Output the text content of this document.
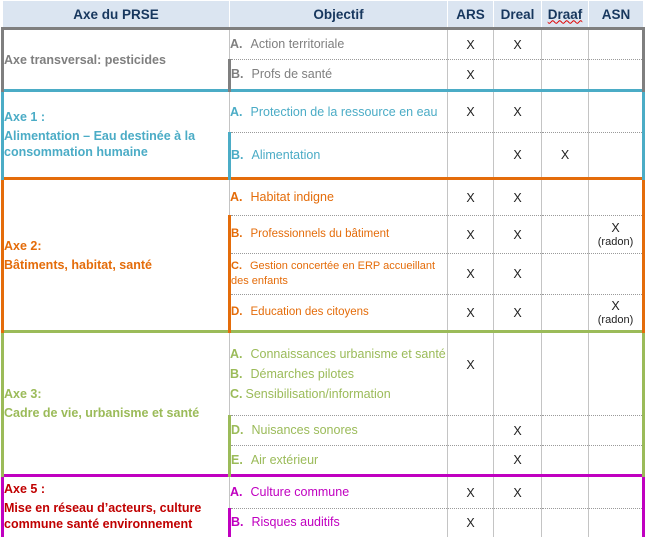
Axe du PRSE	Objectif	ARS	Dreal	Draaf	ASN
Axe transversal: pesticides	A. Action territoriale	X	X		
	B. Profs de santé	X			

Axe 1 :
Alimentation – Eau destinée à la consommation humaine	A. Protection de la ressource en eau	X	X		
	B. Alimentation		X	X	

Axe 2:
Bâtiments, habitat, santé	A. Habitat indigne	X	X		
	B. Professionnels du bâtiment	X	X		X
(radon)

	C. Gestion concertée en ERP accueillant des enfants	X	X		
	D. Education des citoyens	X	X		X
(radon)

Axe 3:
Cadre de vie, urbanisme et santé	A. Connaissances urbanisme et santé
B. Démarches pilotes
C. Sensibilisation/information	X			
	D. Nuisances sonores		X		
	E. Air extérieur		X		

Axe 5 :
Mise en réseau d’acteurs, culture commune santé environnement	A. Culture commune	X	X		
	B. Risques auditifs	X			
